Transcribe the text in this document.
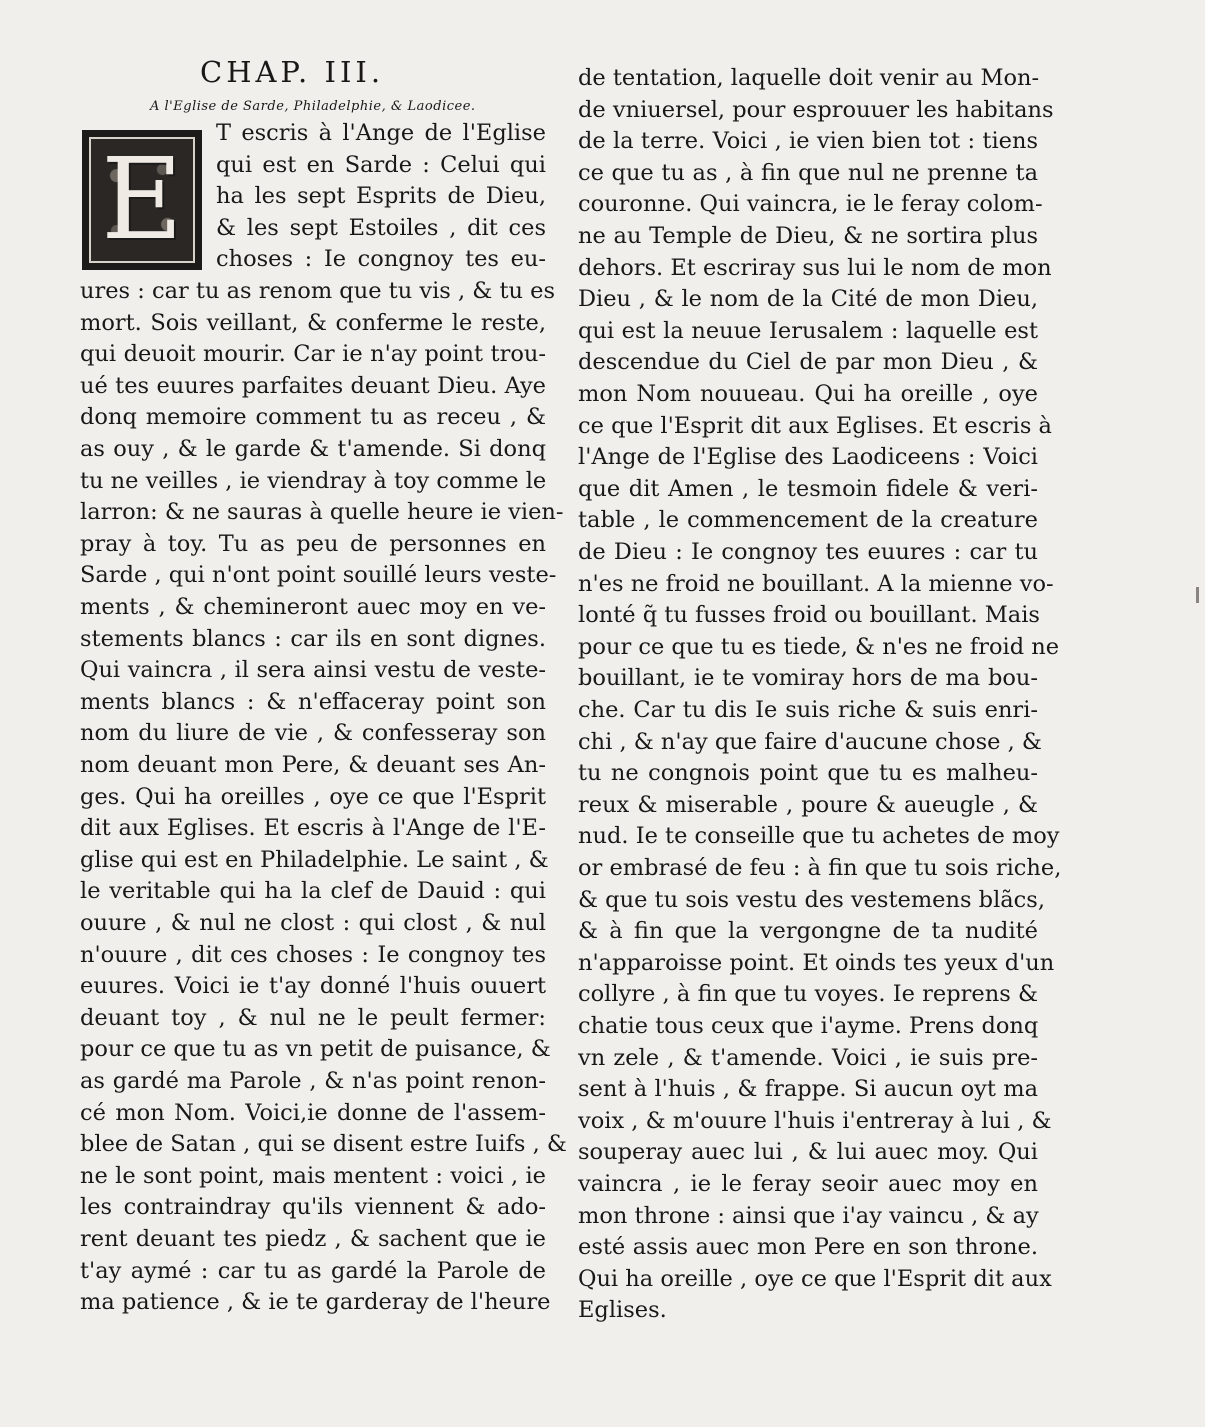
CHAP. III.
A l'Eglise de Sarde, Philadelphie, & Laodicee.
E
T escris à l'Ange de l'Eglise
qui est en Sarde : Celui qui
ha les sept Esprits de Dieu,
& les sept Estoiles , dit ces
choses : Ie congnoy tes eu-
ures : car tu as renom que tu vis , & tu es
mort. Sois veillant, & conferme le reste,
qui deuoit mourir. Car ie n'ay point trou-
ué tes euures parfaites deuant Dieu. Aye
donq memoire comment tu as receu , &
as ouy , & le garde & t'amende. Si donq
tu ne veilles , ie viendray à toy comme le
larron: & ne sauras à quelle heure ie vien-
pray à toy. Tu as peu de personnes en
Sarde , qui n'ont point souillé leurs veste-
ments , & chemineront auec moy en ve-
stements blancs : car ils en sont dignes.
Qui vaincra , il sera ainsi vestu de veste-
ments blancs : & n'effaceray point son
nom du liure de vie , & confesseray son
nom deuant mon Pere, & deuant ses An-
ges. Qui ha oreilles , oye ce que l'Esprit
dit aux Eglises. Et escris à l'Ange de l'E-
glise qui est en Philadelphie. Le saint , &
le veritable qui ha la clef de Dauid : qui
ouure , & nul ne clost : qui clost , & nul
n'ouure , dit ces choses : Ie congnoy tes
euures. Voici ie t'ay donné l'huis ouuert
deuant toy , & nul ne le peult fermer:
pour ce que tu as vn petit de puisance, &
as gardé ma Parole , & n'as point renon-
cé mon Nom. Voici,ie donne de l'assem-
blee de Satan , qui se disent estre Iuifs , &
ne le sont point, mais mentent : voici , ie
les contraindray qu'ils viennent & ado-
rent deuant tes piedz , & sachent que ie
t'ay aymé : car tu as gardé la Parole de
ma patience , & ie te garderay de l'heure
de tentation, laquelle doit venir au Mon-
de vniuersel, pour esprouuer les habitans
de la terre. Voici , ie vien bien tot : tiens
ce que tu as , à fin que nul ne prenne ta
couronne. Qui vaincra, ie le feray colom-
ne au Temple de Dieu, & ne sortira plus
dehors. Et escriray sus lui le nom de mon
Dieu , & le nom de la Cité de mon Dieu,
qui est la neuue Ierusalem : laquelle est
descendue du Ciel de par mon Dieu , &
mon Nom nouueau. Qui ha oreille , oye
ce que l'Esprit dit aux Eglises. Et escris à
l'Ange de l'Eglise des Laodiceens : Voici
que dit Amen , le tesmoin fidele & veri-
table , le commencement de la creature
de Dieu : Ie congnoy tes euures : car tu
n'es ne froid ne bouillant. A la mienne vo-
lonté q̃ tu fusses froid ou bouillant. Mais
pour ce que tu es tiede, & n'es ne froid ne
bouillant, ie te vomiray hors de ma bou-
che. Car tu dis Ie suis riche & suis enri-
chi , & n'ay que faire d'aucune chose , &
tu ne congnois point que tu es malheu-
reux & miserable , poure & aueugle , &
nud. Ie te conseille que tu achetes de moy
or embrasé de feu : à fin que tu sois riche,
& que tu sois vestu des vestemens blãcs,
& à fin que la vergongne de ta nudité
n'apparoisse point. Et oinds tes yeux d'un
collyre , à fin que tu voyes. Ie reprens &
chatie tous ceux que i'ayme. Prens donq
vn zele , & t'amende. Voici , ie suis pre-
sent à l'huis , & frappe. Si aucun oyt ma
voix , & m'ouure l'huis i'entreray à lui , &
souperay auec lui , & lui auec moy. Qui
vaincra , ie le feray seoir auec moy en
mon throne : ainsi que i'ay vaincu , & ay
esté assis auec mon Pere en son throne.
Qui ha oreille , oye ce que l'Esprit dit aux
Eglises.
